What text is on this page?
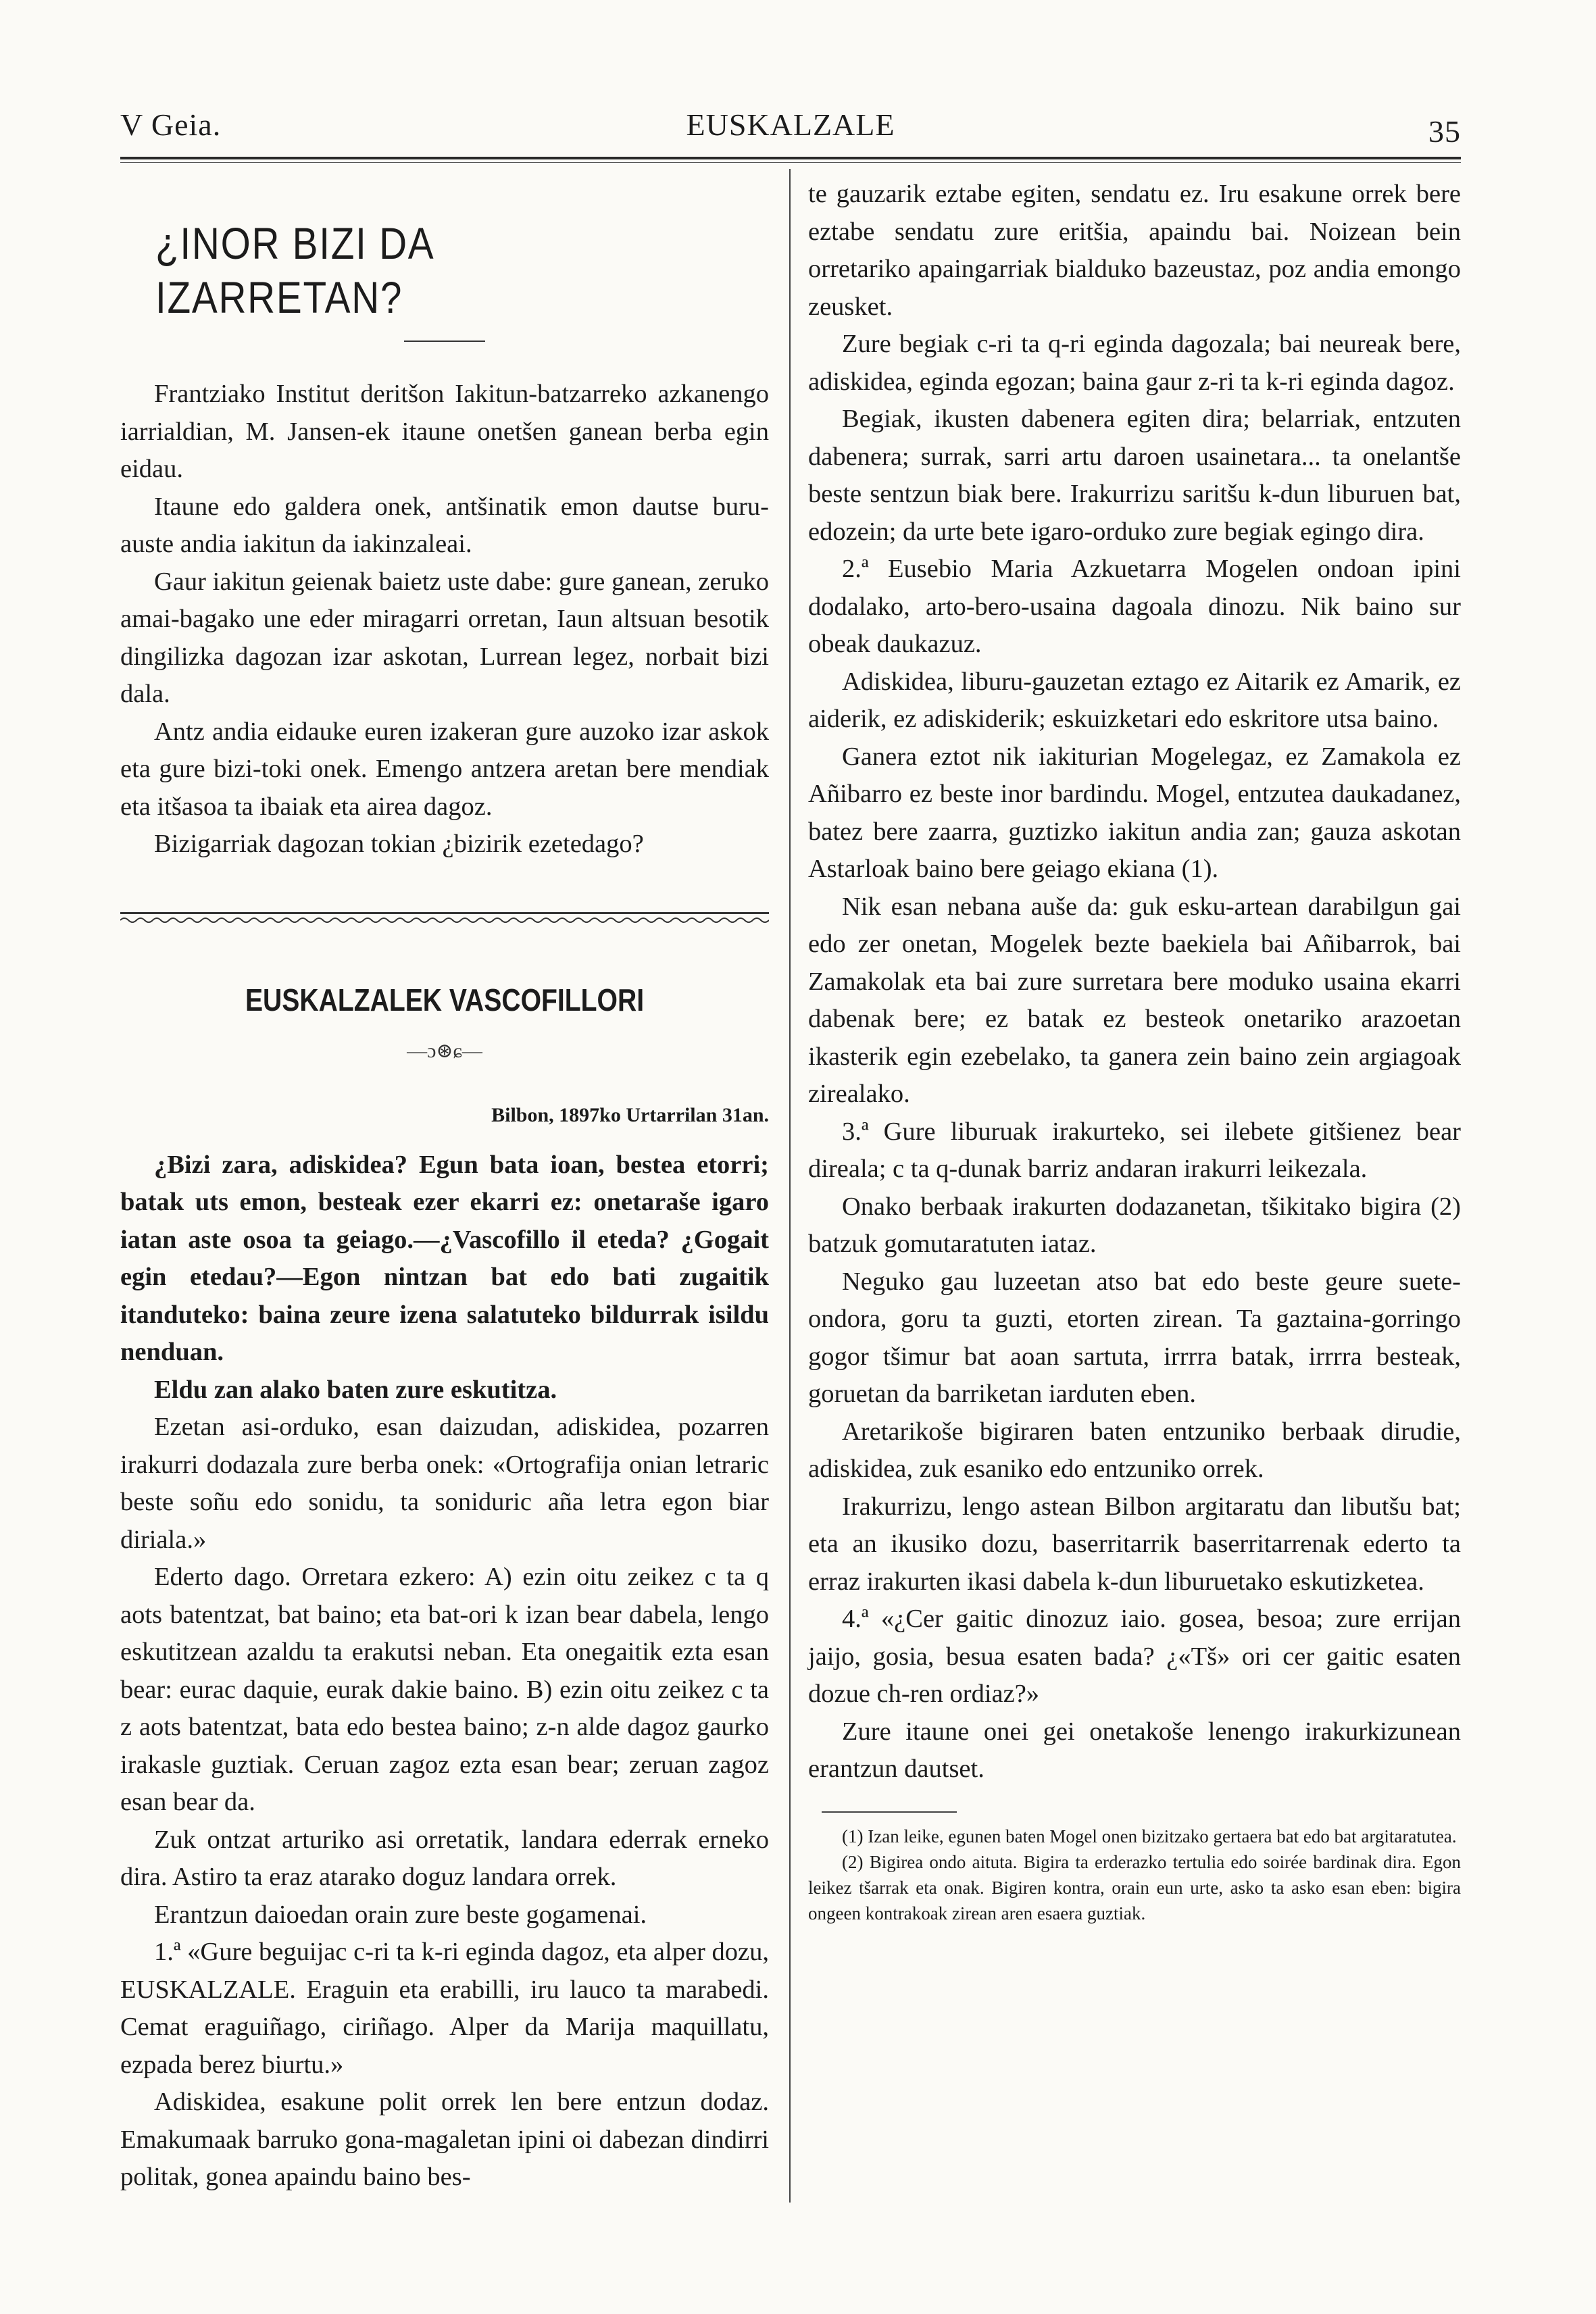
V Geia.	EUSKALZALE	35
¿INOR BIZI DA IZARRETAN?

Frantziako Institut deritšon Iakitun-batzarreko azkanengo iarrialdian, M. Jansen-ek itaune onetšen ganean berba egin eidau.

Itaune edo galdera onek, antšinatik emon dautse buru-auste andia iakitun da iakinzaleai.

Gaur iakitun geienak baietz uste dabe: gure ganean, zeruko amai-bagako une eder miragarri orretan, Iaun altsuan besotik dingilizka dagozan izar askotan, Lurrean legez, norbait bizi dala.

Antz andia eidauke euren izakeran gure auzoko izar askok eta gure bizi-toki onek. Emengo antzera aretan bere mendiak eta itšasoa ta ibaiak eta airea dagoz.

Bizigarriak dagozan tokian ¿bizirik ezetedago?

EUSKALZALEK VASCOFILLORI
—ɔ⊛ɕ—
Bilbon, 1897ko Urtarrilan 31an.

¿Bizi zara, adiskidea? Egun bata ioan, bestea etorri; batak uts emon, besteak ezer ekarri ez: onetaraše igaro iatan aste osoa ta geiago.—¿Vascofillo il eteda? ¿Gogait egin etedau?—Egon nintzan bat edo bati zugaitik itanduteko: baina zeure izena salatuteko bildurrak isildu nenduan.

Eldu zan alako baten zure eskutitza.

Ezetan asi-orduko, esan daizudan, adiskidea, pozarren irakurri dodazala zure berba onek: «Ortografija onian letraric beste soñu edo sonidu, ta soniduric aña letra egon biar diriala.»

Ederto dago. Orretara ezkero: A) ezin oitu zeikez c ta q aots batentzat, bat baino; eta bat-ori k izan bear dabela, lengo eskutitzean azaldu ta erakutsi neban. Eta onegaitik ezta esan bear: eurac daquie, eurak dakie baino. B) ezin oitu zeikez c ta z aots batentzat, bata edo bestea baino; z-n alde dagoz gaurko irakasle guztiak. Ceruan zagoz ezta esan bear; zeruan zagoz esan bear da.

Zuk ontzat arturiko asi orretatik, landara ederrak erneko dira. Astiro ta eraz atarako doguz landara orrek.

Erantzun daioedan orain zure beste gogamenai.

1.ª «Gure beguijac c-ri ta k-ri eginda dagoz, eta alper dozu, EUSKALZALE. Eraguin eta erabilli, iru lauco ta marabedi. Cemat eraguiñago, ciriñago. Alper da Marija maquillatu, ezpada berez biurtu.»

Adiskidea, esakune polit orrek len bere entzun dodaz. Emakumaak barruko gona-magaletan ipini oi dabezan dindirri politak, gonea apaindu baino bes-

te gauzarik eztabe egiten, sendatu ez. Iru esakune orrek bere eztabe sendatu zure eritšia, apaindu bai. Noizean bein orretariko apaingarriak bialduko bazeustaz, poz andia emongo zeusket.

Zure begiak c-ri ta q-ri eginda dagozala; bai neureak bere, adiskidea, eginda egozan; baina gaur z-ri ta k-ri eginda dagoz.

Begiak, ikusten dabenera egiten dira; belarriak, entzuten dabenera; surrak, sarri artu daroen usainetara... ta onelantše beste sentzun biak bere. Irakurrizu saritšu k-dun liburuen bat, edozein; da urte bete igaro-orduko zure begiak egingo dira.

2.ª Eusebio Maria Azkuetarra Mogelen ondoan ipini dodalako, arto-bero-usaina dagoala dinozu. Nik baino sur obeak daukazuz.

Adiskidea, liburu-gauzetan eztago ez Aitarik ez Amarik, ez aiderik, ez adiskiderik; eskuizketari edo eskritore utsa baino.

Ganera eztot nik iakiturian Mogelegaz, ez Zamakola ez Añibarro ez beste inor bardindu. Mogel, entzutea daukadanez, batez bere zaarra, guztizko iakitun andia zan; gauza askotan Astarloak baino bere geiago ekiana (1).

Nik esan nebana auše da: guk esku-artean darabilgun gai edo zer onetan, Mogelek bezte baekiela bai Añibarrok, bai Zamakolak eta bai zure surretara bere moduko usaina ekarri dabenak bere; ez batak ez besteok onetariko arazoetan ikasterik egin ezebelako, ta ganera zein baino zein argiagoak zirealako.

3.ª Gure liburuak irakurteko, sei ilebete gitšienez bear direala; c ta q-dunak barriz andaran irakurri leikezala.

Onako berbaak irakurten dodazanetan, tšikitako bigira (2) batzuk gomutaratuten iataz.

Neguko gau luzeetan atso bat edo beste geure suete-ondora, goru ta guzti, etorten zirean. Ta gaztaina-gorringo gogor tšimur bat aoan sartuta, irrrra batak, irrrra besteak, goruetan da barriketan iarduten eben.

Aretarikoše bigiraren baten entzuniko berbaak dirudie, adiskidea, zuk esaniko edo entzuniko orrek.

Irakurrizu, lengo astean Bilbon argitaratu dan libutšu bat; eta an ikusiko dozu, baserritarrik baserritarrenak ederto ta erraz irakurten ikasi dabela k-dun liburuetako eskutizketea.

4.ª «¿Cer gaitic dinozuz iaio. gosea, besoa; zure errijan jaijo, gosia, besua esaten bada? ¿«Tš» ori cer gaitic esaten dozue ch-ren ordiaz?»

Zure itaune onei gei onetakoše lenengo irakurkizunean erantzun dautset.

(1) Izan leike, egunen baten Mogel onen bizitzako gertaera bat edo bat argitaratutea.

(2) Bigirea ondo aituta. Bigira ta erderazko tertulia edo soirée bardinak dira. Egon leikez tšarrak eta onak. Bigiren kontra, orain eun urte, asko ta asko esan eben: bigira ongeen kontrakoak zirean aren esaera guztiak.
